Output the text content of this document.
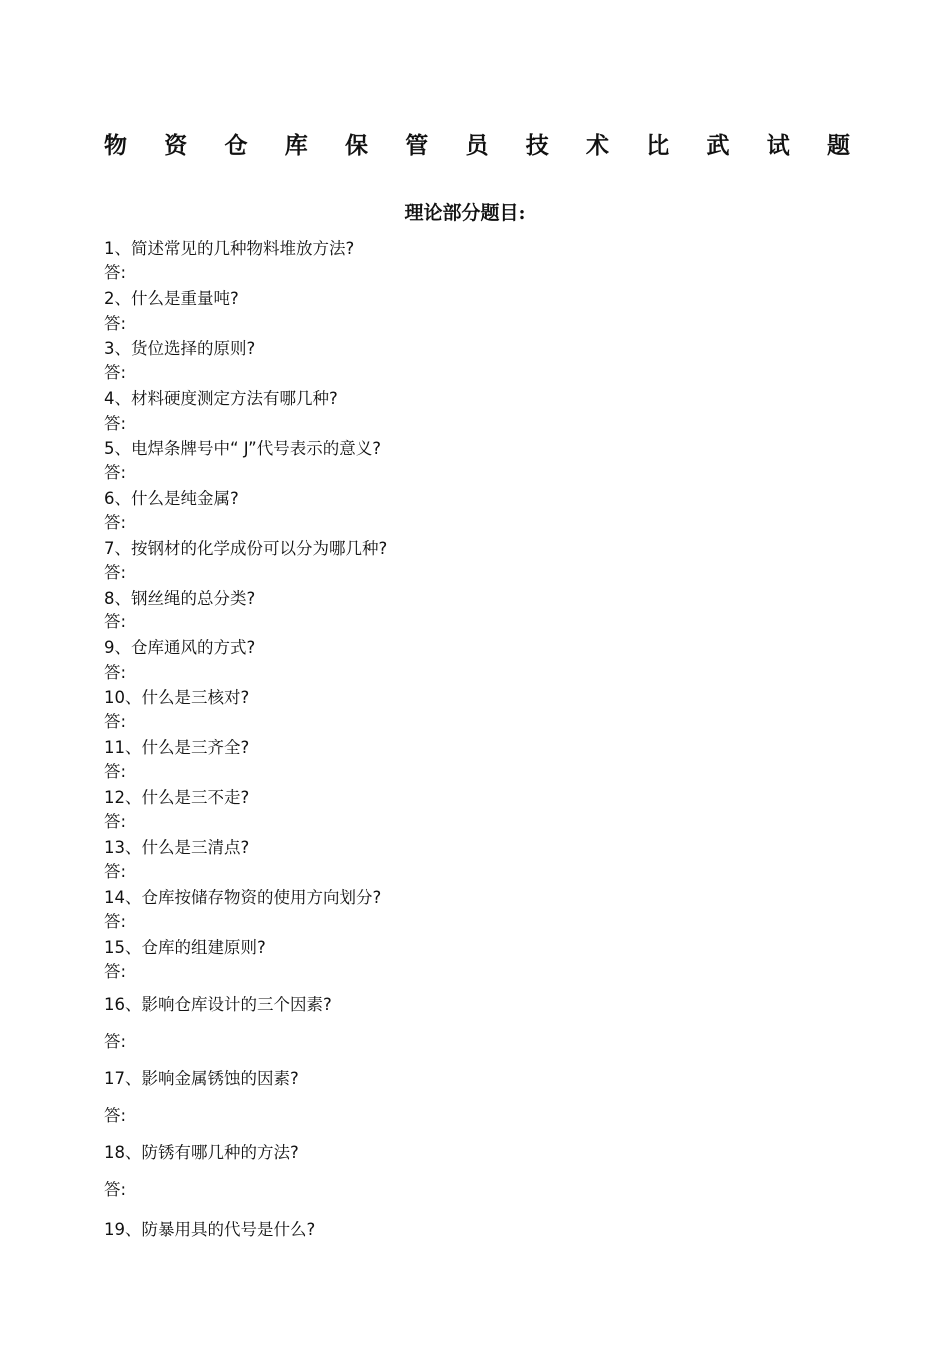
物 资 仓 库 保 管 员 技 术 比 武 试 题
理论部分题目:
1、简述常见的几种物料堆放方法?
答:
2、什么是重量吨?
答:
3、货位选择的原则?
答:
4、材料硬度测定方法有哪几种?
答:
5、电焊条牌号中“ J”代号表示的意义?
答:
6、什么是纯金属?
答:
7、按钢材的化学成份可以分为哪几种?
答:
8、钢丝绳的总分类?
答:
9、仓库通风的方式?
答:
10、什么是三核对?
答:
11、什么是三齐全?
答:
12、什么是三不走?
答:
13、什么是三清点?
答:
14、仓库按储存物资的使用方向划分?
答:
15、仓库的组建原则?
答:
16、影响仓库设计的三个因素?
答:
17、影响金属锈蚀的因素?
答:
18、防锈有哪几种的方法?
答:
19、防暴用具的代号是什么?
